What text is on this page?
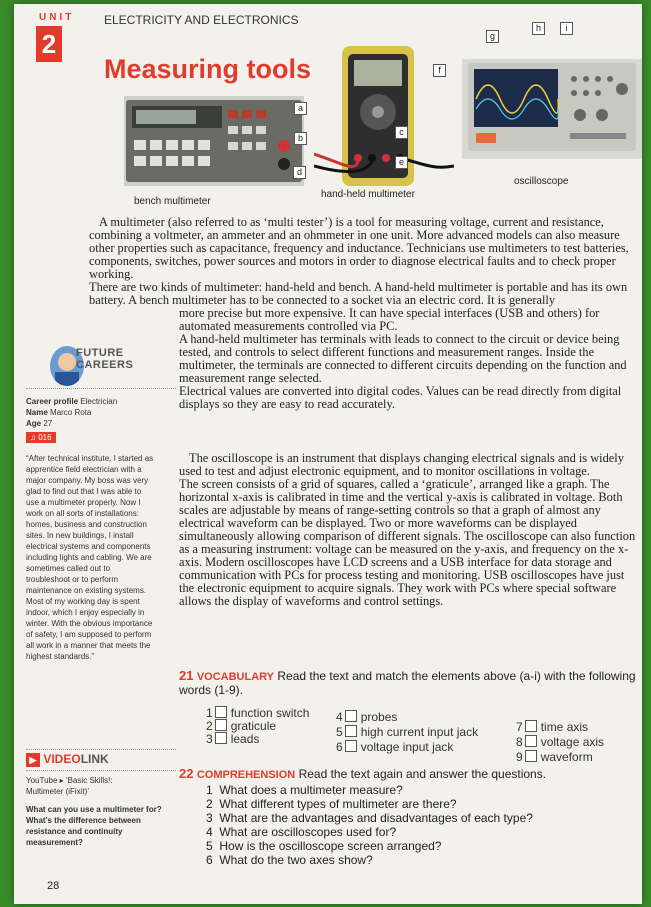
UNIT
2
ELECTRICITY AND ELECTRONICS
Measuring tools
bench multimeter
hand-held multimeter
oscilloscope
a
b
c
d
e
f
g
h	i

A multimeter (also referred to as ‘multi tester’) is a tool for measuring voltage, current and resistance, combining a voltmeter, an ammeter and an ohmmeter in one unit. More advanced models can also measure other properties such as capacitance, frequency and inductance. Technicians use multimeters to test batteries, components, switches, power sources and motors in order to diagnose electrical faults and to check proper working.

There are two kinds of multimeter: hand-held and bench. A hand-held multimeter is portable and has its own battery. A bench multimeter has to be connected to a socket via an electric cord. It is generally

FUTURE
CAREERS
Career profile Electrician
Name Marco Rota
Age 27
♫ 016
“After technical institute, I started as apprentice field electrician with a major company. My boss was very glad to find out that I was able to use a multimeter properly. Now I work on all sorts of installations: homes, business and construction sites. In new buildings, I install electrical systems and components including lights and cabling. We are sometimes called out to troubleshoot or to perform maintenance on existing systems. Most of my working day is spent indoor, which I enjoy especially in winter. With the obvious importance of safety, I am supposed to perform all work in a manner that meets the highest standards.”
▶ VIDEOLINK
YouTube ▸ ‘Basic Skills!: Multimeter (iFixit)’
What can you use a multimeter for? What’s the difference between resistance and continuity measurement?

more precise but more expensive. It can have special interfaces (USB and others) for automated measurements controlled via PC.

A hand-held multimeter has terminals with leads to connect to the circuit or device being tested, and controls to select different functions and measurement ranges. Inside the multimeter, the terminals are connected to different circuits depending on the function and measurement range selected.

Electrical values are converted into digital codes. Values can be read directly from digital displays so they are easy to read accurately.

The oscilloscope is an instrument that displays changing electrical signals and is widely used to test and adjust electronic equipment, and to monitor oscillations in voltage.

The screen consists of a grid of squares, called a ‘graticule’, arranged like a graph. The horizontal x-axis is calibrated in time and the vertical y-axis is calibrated in voltage. Both scales are adjustable by means of range-setting controls so that a graph of almost any electrical waveform can be displayed. Two or more waveforms can be displayed simultaneously allowing comparison of different signals. The oscilloscope can also function as a measuring instrument: voltage can be measured on the y-axis, and frequency on the x-axis. Modern oscilloscopes have LCD screens and a USB interface for data storage and communication with PCs for process testing and monitoring. USB oscilloscopes have just the electronic equipment to acquire signals. They work with PCs where special software allows the display of waveforms and control settings.

21 VOCABULARY Read the text and match the elements above (a-i) with the following words (1-9).
1 function switch
2 graticule
3 leads
4 probes
5 high current input jack
6 voltage input jack
7 time axis
8 voltage axis
9 waveform
22 COMPREHENSION Read the text again and answer the questions.
1 What does a multimeter measure?
2 What different types of multimeter are there?
3 What are the advantages and disadvantages of each type?
4 What are oscilloscopes used for?
5 How is the oscilloscope screen arranged?
6 What do the two axes show?
28
